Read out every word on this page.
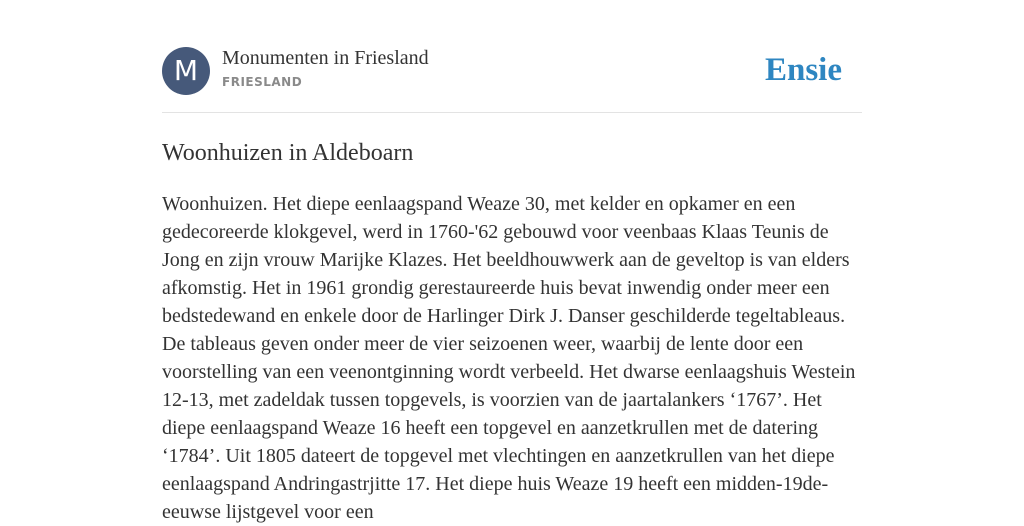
M	Monumenten in Friesland
FRIESLAND	Ensie
Woonhuizen in Aldeboarn

Woonhuizen. Het diepe eenlaagspand Weaze 30, met kelder en opkamer en een gedecoreerde klokgevel, werd in 1760-'62 gebouwd voor veenbaas Klaas Teunis de Jong en zijn vrouw Marijke Klazes. Het beeldhouwwerk aan de geveltop is van elders afkomstig. Het in 1961 grondig gerestaureerde huis bevat inwendig onder meer een bedstedewand en enkele door de Harlinger Dirk J. Danser geschilderde tegeltableaus. De tableaus geven onder meer de vier seizoenen weer, waarbij de lente door een voorstelling van een veenontginning wordt verbeeld. Het dwarse eenlaagshuis Westein 12-13, met zadeldak tussen topgevels, is voorzien van de jaartalankers ‘1767’. Het diepe eenlaagspand Weaze 16 heeft een topgevel en aanzetkrullen met de datering ‘1784’. Uit 1805 dateert de topgevel met vlechtingen en aanzetkrullen van het diepe eenlaagspand Andringastrjitte 17. Het diepe huis Weaze 19 heeft een midden-19de-eeuwse lijstgevel voor een
